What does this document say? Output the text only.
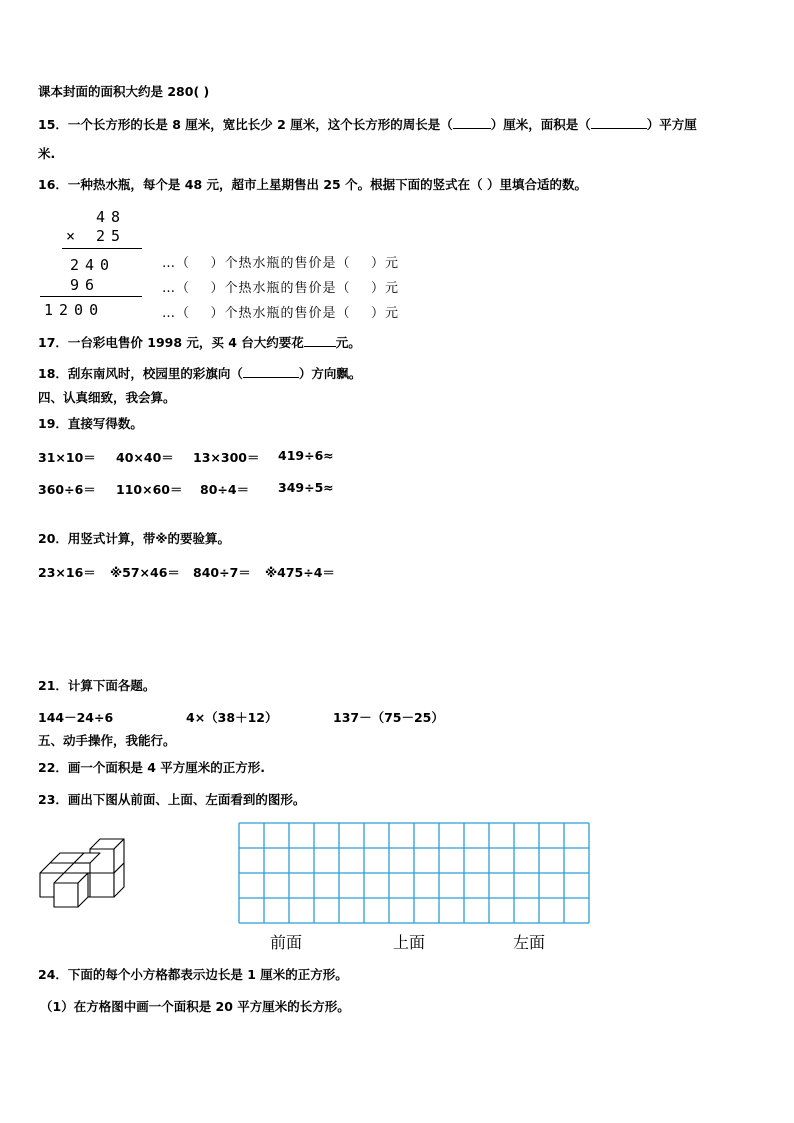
课本封面的面积大约是 280( )
15．一个长方形的长是 8 厘米，宽比长少 2 厘米，这个长方形的周长是（	）厘米，面积是（	）平方厘
米.
16．一种热水瓶，每个是 48 元，超市上星期售出 25 个。根据下面的竖式在（ ）里填合适的数。
48
× 25
240
96
1200
…（    ）个热水瓶的售价是（    ）元
…（    ）个热水瓶的售价是（    ）元
…（    ）个热水瓶的售价是（    ）元
17．一台彩电售价 1998 元，买 4 台大约要花	元。
18．刮东南风时，校园里的彩旗向（	）方向飘。
四、认真细致，我会算。
19．直接写得数。
31×10＝ 40×40＝ 13×300＝ 419÷6≈
360÷6＝ 110×60＝ 80÷4＝ 349÷5≈
20．用竖式计算，带※的要验算。
23×16＝ ※57×46＝ 840÷7＝ ※475÷4＝
21．计算下面各题。
144－24÷6	4×（38＋12）	137－（75－25）
五、动手操作，我能行。
22．画一个面积是 4 平方厘米的正方形.
23．画出下图从前面、上面、左面看到的图形。
前面	上面	左面
24．下面的每个小方格都表示边长是 1 厘米的正方形。
（1）在方格图中画一个面积是 20 平方厘米的长方形。
